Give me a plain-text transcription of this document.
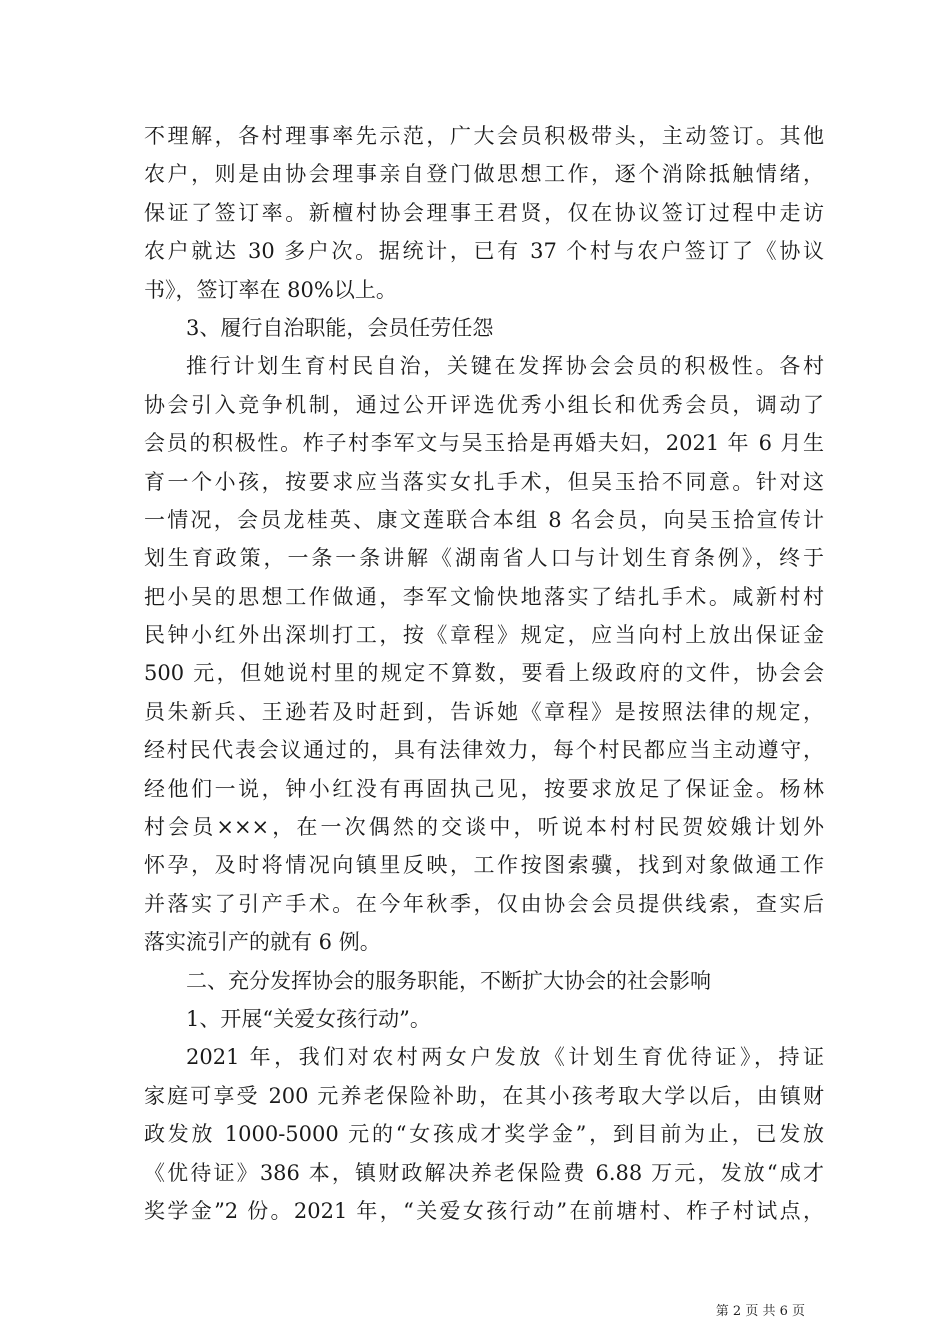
不理解，各村理事率先示范，广大会员积极带头，主动签订。其他
农户，则是由协会理事亲自登门做思想工作，逐个消除抵触情绪，
保证了签订率。新檀村协会理事王君贤，仅在协议签订过程中走访
农户就达 30 多户次。据统计，已有 37 个村与农户签订了《协议
书》，签订率在 80%以上。
3、履行自治职能，会员任劳任怨
推行计划生育村民自治，关键在发挥协会会员的积极性。各村
协会引入竞争机制，通过公开评选优秀小组长和优秀会员，调动了
会员的积极性。柞子村李军文与吴玉拾是再婚夫妇，2021 年 6 月生
育一个小孩，按要求应当落实女扎手术，但吴玉拾不同意。针对这
一情况，会员龙桂英、康文莲联合本组 8 名会员，向吴玉拾宣传计
划生育政策，一条一条讲解《湖南省人口与计划生育条例》，终于
把小吴的思想工作做通，李军文愉快地落实了结扎手术。咸新村村
民钟小红外出深圳打工，按《章程》规定，应当向村上放出保证金
500 元，但她说村里的规定不算数，要看上级政府的文件，协会会
员朱新兵、王逊若及时赶到，告诉她《章程》是按照法律的规定，
经村民代表会议通过的，具有法律效力，每个村民都应当主动遵守，
经他们一说，钟小红没有再固执己见，按要求放足了保证金。杨林
村会员×××，在一次偶然的交谈中，听说本村村民贺姣娥计划外
怀孕，及时将情况向镇里反映，工作按图索骥，找到对象做通工作
并落实了引产手术。在今年秋季，仅由协会会员提供线索，查实后
落实流引产的就有 6 例。
二、充分发挥协会的服务职能，不断扩大协会的社会影响
1、开展“关爱女孩行动”。
2021 年，我们对农村两女户发放《计划生育优待证》，持证
家庭可享受 200 元养老保险补助，在其小孩考取大学以后，由镇财
政发放 1000-5000 元的“女孩成才奖学金”，到目前为止，已发放
《优待证》386 本，镇财政解决养老保险费 6.88 万元，发放“成才
奖学金”2 份。2021 年，“关爱女孩行动”在前塘村、柞子村试点，
第 2 页 共 6 页
